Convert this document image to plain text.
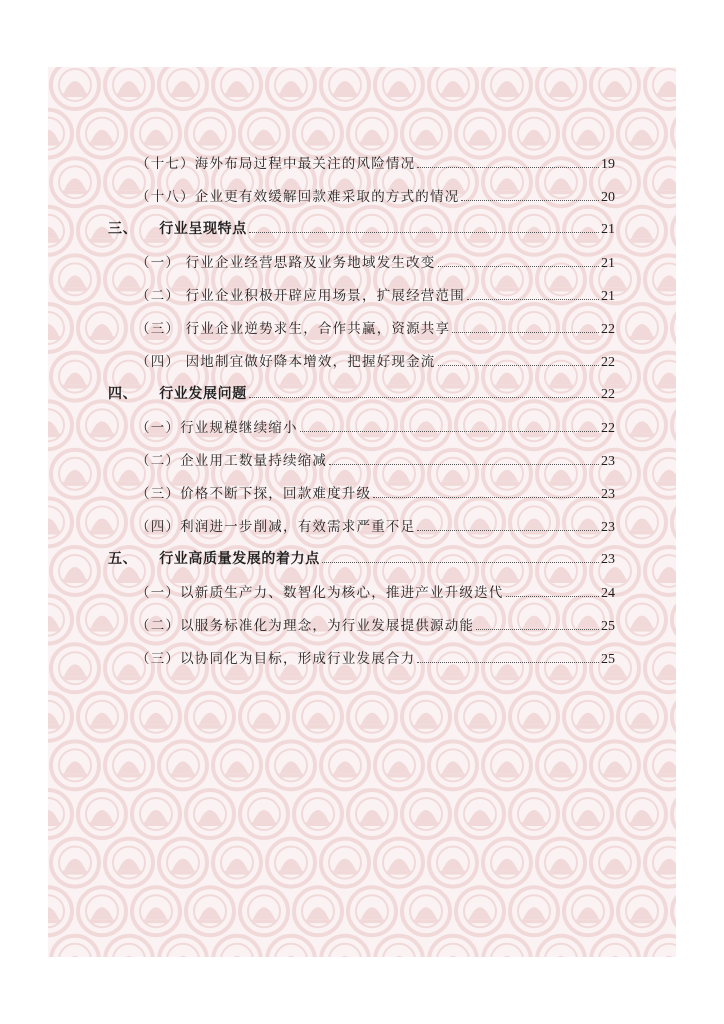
（十七）海外布局过程中最关注的风险情况	19
（十八）企业更有效缓解回款难采取的方式的情况	20
三、 行业呈现特点	21
（一） 行业企业经营思路及业务地域发生改变	21
（二） 行业企业积极开辟应用场景，扩展经营范围	21
（三） 行业企业逆势求生，合作共赢，资源共享	22
（四） 因地制宜做好降本增效，把握好现金流	22
四、 行业发展问题	22
（一）行业规模继续缩小	22
（二）企业用工数量持续缩减	23
（三）价格不断下探，回款难度升级	23
（四）利润进一步削减，有效需求严重不足	23
五、 行业高质量发展的着力点	23
（一）以新质生产力、数智化为核心，推进产业升级迭代	24
（二）以服务标准化为理念，为行业发展提供源动能	25
（三）以协同化为目标，形成行业发展合力	25
